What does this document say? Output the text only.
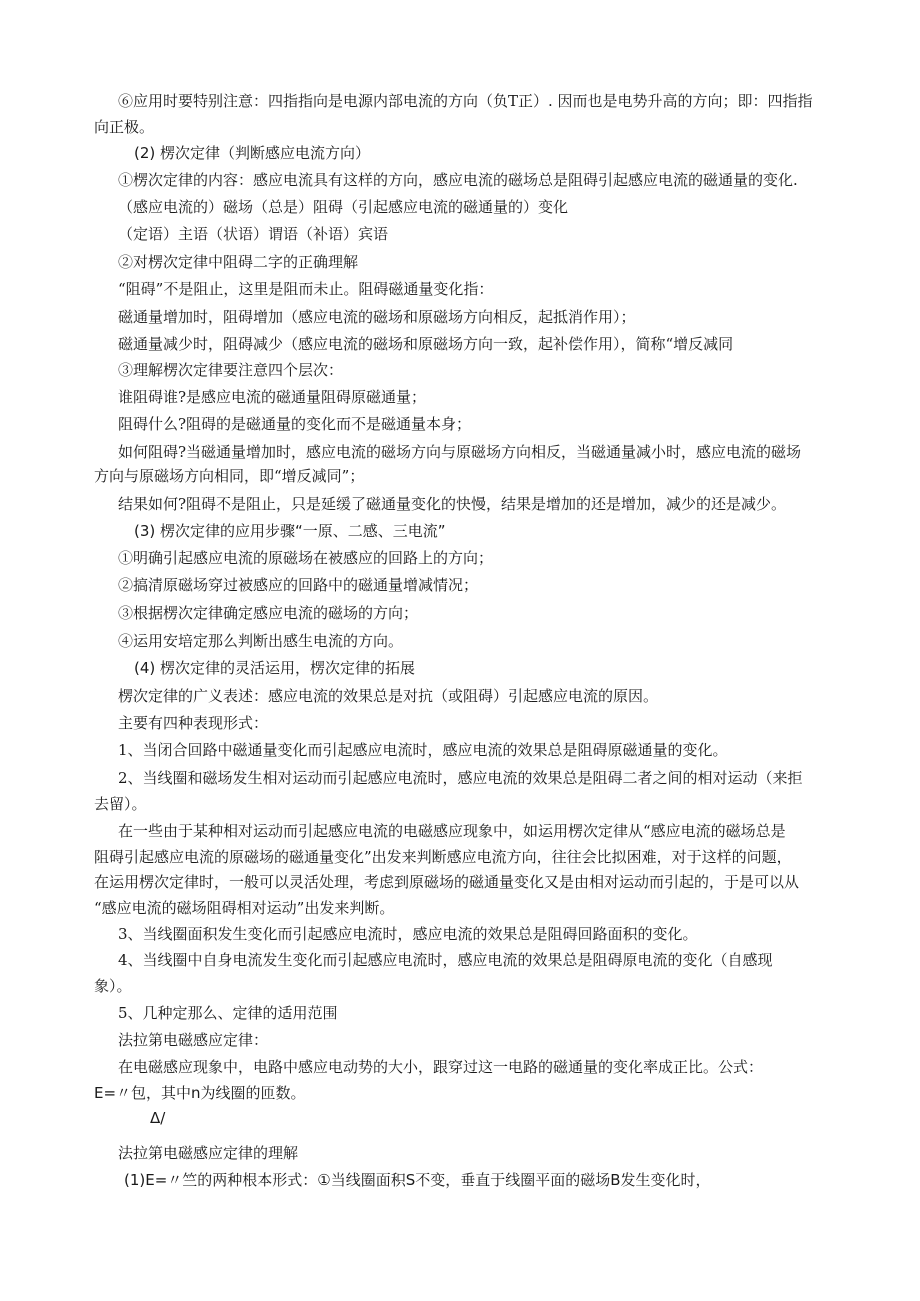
⑥应用时要特别注意：四指指向是电源内部电流的方向（负T正）. 因而也是电势升高的方向；即：四指指
向正极。
(2) 楞次定律（判断感应电流方向）
①楞次定律的内容：感应电流具有这样的方向，感应电流的磁场总是阻碍引起感应电流的磁通量的变化.
（感应电流的）磁场（总是）阻碍（引起感应电流的磁通量的）变化
（定语）主语（状语）谓语（补语）宾语
②对楞次定律中阻碍二字的正确理解
“阻碍”不是阻止，这里是阻而未止。阻碍磁通量变化指：
磁通量增加时，阻碍增加（感应电流的磁场和原磁场方向相反，起抵消作用）；
磁通量减少时，阻碍减少（感应电流的磁场和原磁场方向一致，起补偿作用），简称“增反减同
③理解楞次定律要注意四个层次：
谁阻碍谁?是感应电流的磁通量阻碍原磁通量；
阻碍什么?阻碍的是磁通量的变化而不是磁通量本身；
如何阻碍?当磁通量增加时，感应电流的磁场方向与原磁场方向相反，当磁通量减小时，感应电流的磁场
方向与原磁场方向相同，即“增反减同”；
结果如何?阻碍不是阻止，只是延缓了磁通量变化的快慢，结果是增加的还是增加，减少的还是减少。
(3) 楞次定律的应用步骤“一原、二感、三电流”
①明确引起感应电流的原磁场在被感应的回路上的方向；
②搞清原磁场穿过被感应的回路中的磁通量增减情况；
③根据楞次定律确定感应电流的磁场的方向；
④运用安培定那么判断出感生电流的方向。
(4) 楞次定律的灵活运用，楞次定律的拓展
楞次定律的广义表述：感应电流的效果总是对抗（或阻碍）引起感应电流的原因。
主要有四种表现形式：
1、当闭合回路中磁通量变化而引起感应电流时，感应电流的效果总是阻碍原磁通量的变化。
2、当线圈和磁场发生相对运动而引起感应电流时，感应电流的效果总是阻碍二者之间的相对运动（来拒
去留）。
在一些由于某种相对运动而引起感应电流的电磁感应现象中，如运用楞次定律从“感应电流的磁场总是
阻碍引起感应电流的原磁场的磁通量变化”出发来判断感应电流方向，往往会比拟困难，对于这样的问题，
在运用楞次定律时，一般可以灵活处理，考虑到原磁场的磁通量变化又是由相对运动而引起的，于是可以从
“感应电流的磁场阻碍相对运动”出发来判断。
3、当线圈面积发生变化而引起感应电流时，感应电流的效果总是阻碍回路面积的变化。
4、当线圈中自身电流发生变化而引起感应电流时，感应电流的效果总是阻碍原电流的变化（自感现
象）。
5、几种定那么、定律的适用范围
法拉第电磁感应定律：
在电磁感应现象中，电路中感应电动势的大小，跟穿过这一电路的磁通量的变化率成正比。公式：
E=〃包，其中n为线圈的匝数。
Δ/
法拉第电磁感应定律的理解
(1)E=〃竺的两种根本形式：①当线圈面积S不变，垂直于线圈平面的磁场B发生变化时，
